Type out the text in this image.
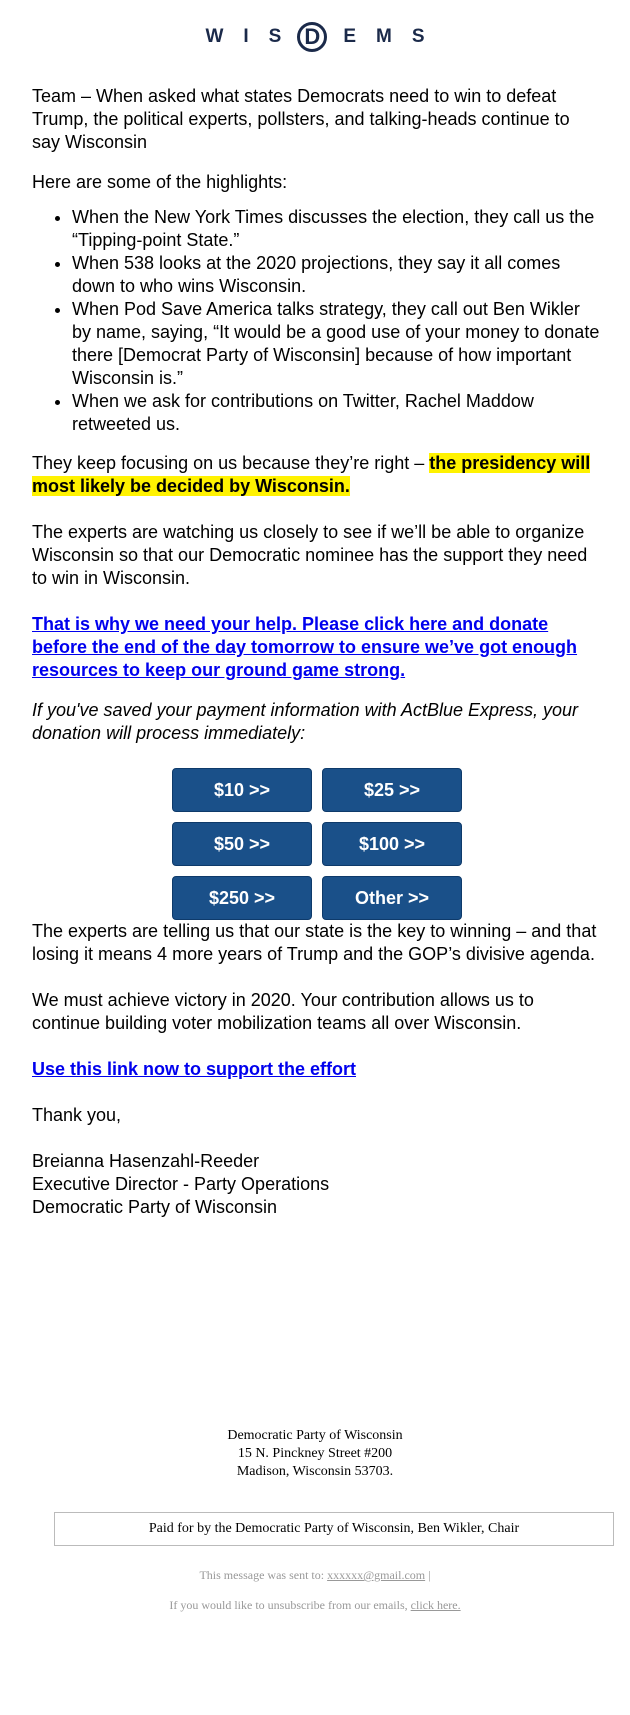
W I S D E M S

Team – When asked what states Democrats need to win to defeat Trump, the political experts, pollsters, and talking-heads continue to say Wisconsin

Here are some of the highlights:

• When the New York Times discusses the election, they call us the “Tipping-point State.”
• When 538 looks at the 2020 projections, they say it all comes down to who wins Wisconsin.
• When Pod Save America talks strategy, they call out Ben Wikler by name, saying, “It would be a good use of your money to donate there [Democrat Party of Wisconsin] because of how important Wisconsin is.”
• When we ask for contributions on Twitter, Rachel Maddow retweeted us.

They keep focusing on us because they’re right – the presidency will most likely be decided by Wisconsin.

The experts are watching us closely to see if we’ll be able to organize Wisconsin so that our Democratic nominee has the support they need to win in Wisconsin.

That is why we need your help. Please click here and donate before the end of the day tomorrow to ensure we’ve got enough resources to keep our ground game strong.

If you've saved your payment information with ActBlue Express, your donation will process immediately:

$10 >>	$25 >>
$50 >>	$100 >>
$250 >>	Other >>

The experts are telling us that our state is the key to winning – and that losing it means 4 more years of Trump and the GOP’s divisive agenda.

We must achieve victory in 2020. Your contribution allows us to continue building voter mobilization teams all over Wisconsin.

Use this link now to support the effort

Thank you,

Breianna Hasenzahl-Reeder

Executive Director - Party Operations

Democratic Party of Wisconsin

Democratic Party of Wisconsin
15 N. Pinckney Street #200
Madison, Wisconsin 53703.
Paid for by the Democratic Party of Wisconsin, Ben Wikler, Chair
This message was sent to: xxxxxx@gmail.com |
If you would like to unsubscribe from our emails, click here.
